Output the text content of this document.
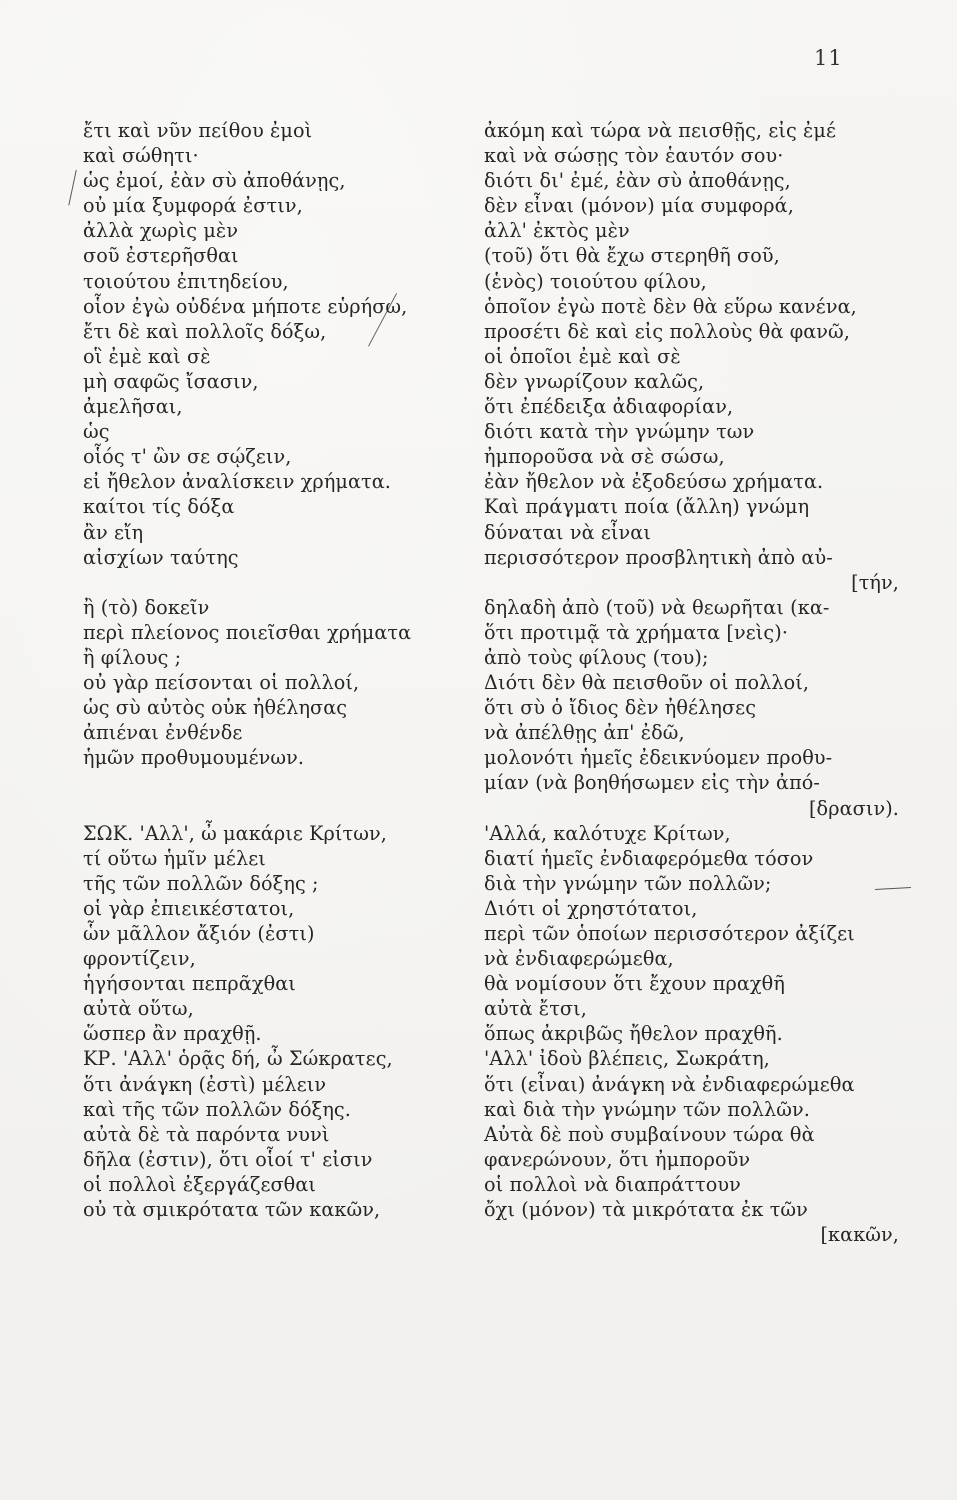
11
ἔτι καὶ νῦν πείθου ἐμοὶ
καὶ σώθητι·
ὡς ἐμοί, ἐὰν σὺ ἀποθάνῃς,
οὐ μία ξυμφορά ἐστιν,
ἀλλὰ χωρὶς μὲν
σοῦ ἐστερῆσθαι
τοιούτου ἐπιτηδείου,
οἷον ἐγὼ οὐδένα μήποτε εὑρήσω,
ἔτι δὲ καὶ πολλοῖς δόξω,
οἳ ἐμὲ καὶ σὲ
μὴ σαφῶς ἴσασιν,
ἀμελῆσαι,
ὡς
οἷός τ' ὢν σε σῴζειν,
εἰ ἤθελον ἀναλίσκειν χρήματα.
καίτοι τίς δόξα
ἂν εἴη
αἰσχίων ταύτης
ἢ (τὸ) δοκεῖν
περὶ πλείονος ποιεῖσθαι χρήματα
ἢ φίλους ;
οὐ γὰρ πείσονται οἱ πολλοί,
ὡς σὺ αὐτὸς οὐκ ἠθέλησας
ἀπιέναι ἐνθένδε
ἡμῶν προθυμουμένων.
ΣΩΚ. 'Αλλ', ὦ μακάριε Κρίτων,
τί οὕτω ἡμῖν μέλει
τῆς τῶν πολλῶν δόξης ;
οἱ γὰρ ἐπιεικέστατοι,
ὧν μᾶλλον ἄξιόν (ἐστι)
φροντίζειν,
ἡγήσονται πεπρᾶχθαι
αὐτὰ οὕτω,
ὥσπερ ἂν πραχθῇ.
ΚΡ. 'Αλλ' ὁρᾷς δή, ὦ Σώκρατες,
ὅτι ἀνάγκη (ἐστὶ) μέλειν
καὶ τῆς τῶν πολλῶν δόξης.
αὐτὰ δὲ τὰ παρόντα νυνὶ
δῆλα (ἐστιν), ὅτι οἷοί τ' εἰσιν
οἱ πολλοὶ ἐξεργάζεσθαι
οὐ τὰ σμικρότατα τῶν κακῶν,
ἀκόμη καὶ τώρα νὰ πεισθῇς, εἰς ἐμέ
καὶ νὰ σώσῃς τὸν ἑαυτόν σου·
διότι δι' ἐμέ, ἐὰν σὺ ἀποθάνῃς,
δὲν εἶναι (μόνον) μία συμφορά,
ἀλλ' ἐκτὸς μὲν
(τοῦ) ὅτι θὰ ἔχω στερηθῆ σοῦ,
(ἑνὸς) τοιούτου φίλου,
ὁποῖον ἐγὼ ποτὲ δὲν θὰ εὕρω κανένα,
προσέτι δὲ καὶ εἰς πολλοὺς θὰ φανῶ,
οἱ ὁποῖοι ἐμὲ καὶ σὲ
δὲν γνωρίζουν καλῶς,
ὅτι ἐπέδειξα ἀδιαφορίαν,
διότι κατὰ τὴν γνώμην των
ἠμποροῦσα νὰ σὲ σώσω,
ἐὰν ἤθελον νὰ ἐξοδεύσω χρήματα.
Καὶ πράγματι ποία (ἄλλη) γνώμη
δύναται νὰ εἶναι
περισσότερον προσβλητικὴ ἀπὸ αὐ-
[τήν,
δηλαδὴ ἀπὸ (τοῦ) νὰ θεωρῆται (κα-
ὅτι προτιμᾷ τὰ χρήματα [νεὶς)·
ἀπὸ τοὺς φίλους (του);
Διότι δὲν θὰ πεισθοῦν οἱ πολλοί,
ὅτι σὺ ὁ ἴδιος δὲν ἠθέλησες
νὰ ἀπέλθῃς ἀπ' ἐδῶ,
μολονότι ἡμεῖς ἐδεικνύομεν προθυ-
μίαν (νὰ βοηθήσωμεν εἰς τὴν ἀπό-
[δρασιν).
'Αλλά, καλότυχε Κρίτων,
διατί ἡμεῖς ἐνδιαφερόμεθα τόσον
διὰ τὴν γνώμην τῶν πολλῶν;
Διότι οἱ χρηστότατοι,
περὶ τῶν ὁποίων περισσότερον ἀξίζει
νὰ ἐνδιαφερώμεθα,
θὰ νομίσουν ὅτι ἔχουν πραχθῆ
αὐτὰ ἔτσι,
ὅπως ἀκριβῶς ἤθελον πραχθῆ.
'Αλλ' ἰδοὺ βλέπεις, Σωκράτη,
ὅτι (εἶναι) ἀνάγκη νὰ ἐνδιαφερώμεθα
καὶ διὰ τὴν γνώμην τῶν πολλῶν.
Αὐτὰ δὲ ποὺ συμβαίνουν τώρα θὰ
φανερώνουν, ὅτι ἠμποροῦν
οἱ πολλοὶ νὰ διαπράττουν
ὄχι (μόνον) τὰ μικρότατα ἐκ τῶν
[κακῶν,
